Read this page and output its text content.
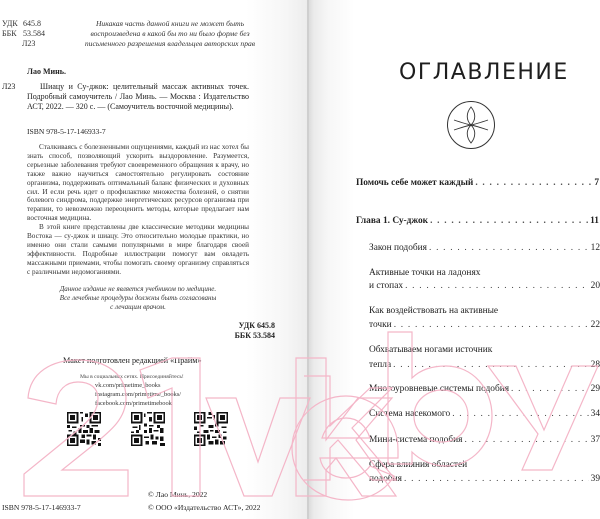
УДК 645.8
ББК 53.584
Л23
Никакая часть данной книги не может быть
воспроизведена в какой бы то ни было форме без
письменного разрешения владельцев авторских прав
Лао Минь.
Л23	Шиацу и Су-джок: целительный массаж активных точек. Подробный самоучитель / Лао Минь. — Москва : Издательство АСТ, 2022. — 320 с. — (Самоучитель восточной медицины).
ISBN 978-5-17-146933-7

Сталкиваясь с болезненными ощущениями, каждый из нас хотел бы знать способ, позволяющий ускорить выздоровление. Разумеется, серьезные заболевания требуют своевременного обращения к врачу, но также важно научиться самостоятельно регулировать состояние организма, поддерживать оптимальный баланс физических и духовных сил. И если речь идет о профилактике множества болезней, о снятии болевого синдрома, поддержке энергетических ресурсов организма при терапии, то невозможно переоценить методы, которые предлагает нам восточная медицина.

В этой книге представлены две классические методики медицины Востока — су-джок и шиацу. Это относительно молодые практики, но именно они стали самыми популярными в мире благодаря своей эффективности. Подробные иллюстрации помогут вам овладеть массажными приемами, чтобы помогать своему организму справляться с различными недомоганиями.

Данное издание не является учебником по медицине.
Все лечебные процедуры должны быть согласованы
с лечащим врачом.
УДК 645.8
ББК 53.584
Макет подготовлен редакцией «Прайм»
Мы в социальных сетях. Присоединяйтесь!
vk.com/primetime_books
instagram.com/primetime_books/
facebook.com/primetimebook
ISBN 978-5-17-146933-7
© Лао Минь, 2022
© ООО «Издательство АСТ», 2022
ОГЛАВЛЕНИЕ
Помочь себе может каждый . . .	7
Глава 1. Су-джок . . .	11
Закон подобия . . .	12
Активные точки на ладонях
и стопах . . .	20
Как воздействовать на активные
точки . . .	22
Обхватываем ногами источник
тепла . . .	28
Многоуровневые системы подобия . . .	29
Система насекомого . . .	34
Мини-система подобия . . .	37
Сфера влияния областей
подобия . . .	39
